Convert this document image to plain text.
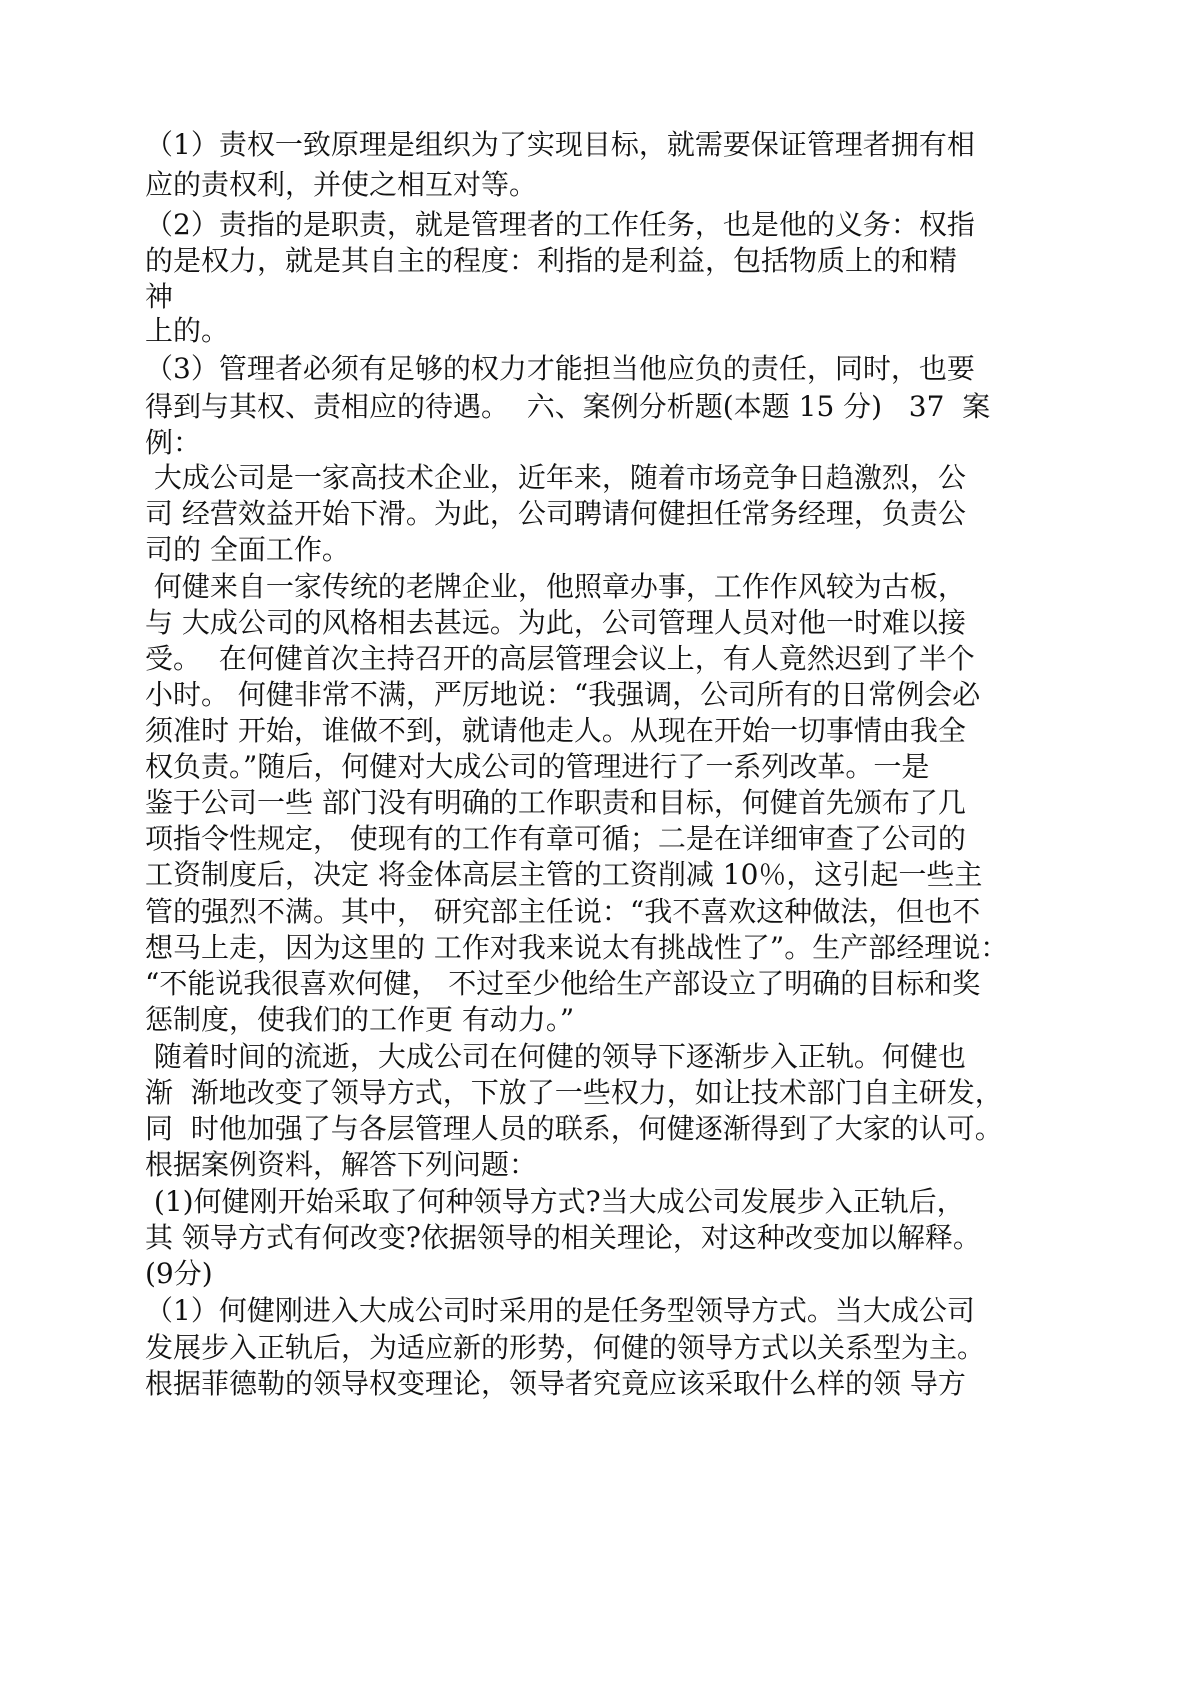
（1）责权一致原理是组织为了实现目标，就需要保证管理者拥有相
应的责权利，并使之相互对等。
（2）责指的是职责，就是管理者的工作任务，也是他的义务：权指
的是权力，就是其自主的程度：利指的是利益，包括物质上的和精
神
上的。
（3）管理者必须有足够的权力才能担当他应负的责任，同时，也要
得到与其权、责相应的待遇。  六、案例分析题(本题 15 分)   37  案
例：
大成公司是一家高技术企业，近年来，随着市场竞争日趋激烈，公
司 经营效益开始下滑。为此，公司聘请何健担任常务经理，负责公
司的 全面工作。
何健来自一家传统的老牌企业，他照章办事，工作作风较为古板，
与 大成公司的风格相去甚远。为此，公司管理人员对他一时难以接
受。  在何健首次主持召开的高层管理会议上，有人竟然迟到了半个
小时。 何健非常不满，严厉地说：“我强调，公司所有的日常例会必
须准时 开始，谁做不到，就请他走人。从现在开始一切事情由我全
权负责。”随后，何健对大成公司的管理进行了一系列改革。一是
鉴于公司一些 部门没有明确的工作职责和目标，何健首先颁布了几
项指令性规定， 使现有的工作有章可循；二是在详细审查了公司的
工资制度后，决定 将金体高层主管的工资削减 10％，这引起一些主
管的强烈不满。其中， 研究部主任说：“我不喜欢这种做法，但也不
想马上走，因为这里的 工作对我来说太有挑战性了”。生产部经理说：
“不能说我很喜欢何健， 不过至少他给生产部设立了明确的目标和奖
惩制度，使我们的工作更 有动力。”
随着时间的流逝，大成公司在何健的领导下逐渐步入正轨。何健也
渐  渐地改变了领导方式，下放了一些权力，如让技术部门自主研发，
同  时他加强了与各层管理人员的联系，何健逐渐得到了大家的认可。
根据案例资料，解答下列问题：
(1)何健刚开始采取了何种领导方式?当大成公司发展步入正轨后，
其 领导方式有何改变?依据领导的相关理论，对这种改变加以解释。
(9分)
（1）何健刚进入大成公司时采用的是任务型领导方式。当大成公司
发展步入正轨后，为适应新的形势，何健的领导方式以关系型为主。
根据菲德勒的领导权变理论，领导者究竟应该采取什么样的领 导方
